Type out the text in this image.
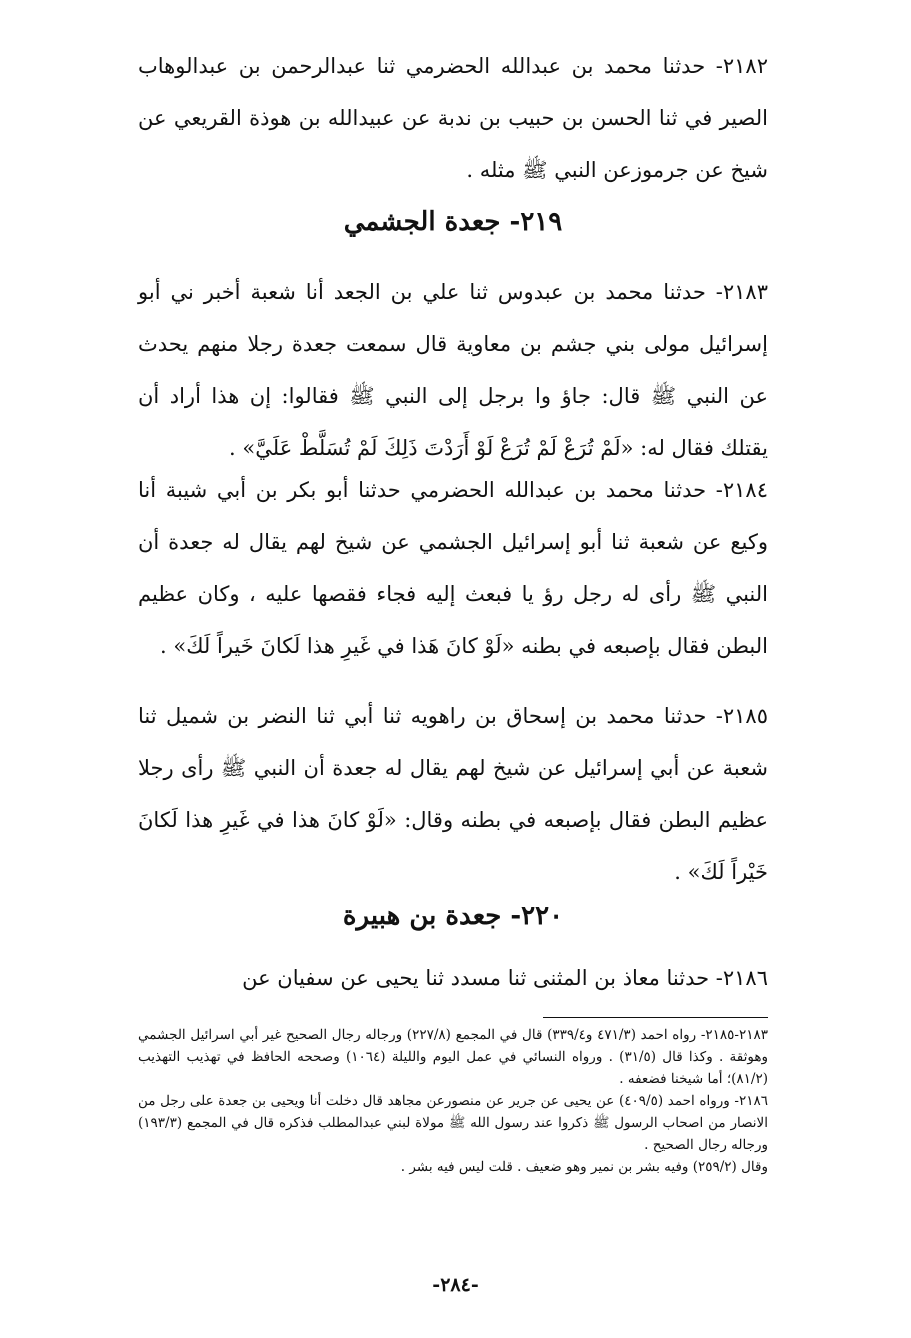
٢١٨٢- حدثنا محمد بن عبدالله الحضرمي ثنا عبدالرحمن بن عبدالوهاب الصير في ثنا الحسن بن حبيب بن ندبة عن عبيدالله بن هوذة القريعي عن شيخ عن جرموزعن النبي ﷺ مثله .

٢١٩- جعدة الجشمي

٢١٨٣- حدثنا محمد بن عبدوس ثنا علي بن الجعد أنا شعبة أخبر ني أبو إسرائيل مولى بني جشم بن معاوية قال سمعت جعدة رجلا منهم يحدث عن النبي ﷺ قال: جاؤ وا برجل إلى النبي ﷺ فقالوا: إن هذا أراد أن يقتلك فقال له: «لَمْ تُرَعْ لَمْ تُرَعْ لَوْ أَرَدْتَ ذَلِكَ لَمْ تُسَلَّطْ عَلَيَّ» .

٢١٨٤- حدثنا محمد بن عبدالله الحضرمي حدثنا أبو بكر بن أبي شيبة أنا وكيع عن شعبة ثنا أبو إسرائيل الجشمي عن شيخ لهم يقال له جعدة أن النبي ﷺ رأى له رجل رؤ يا فبعث إليه فجاء فقصها عليه ، وكان عظيم البطن فقال بإصبعه في بطنه «لَوْ كانَ هَذا في غَيرِ هذا لَكانَ خَيراً لَكَ» .

٢١٨٥- حدثنا محمد بن إسحاق بن راهويه ثنا أبي ثنا النضر بن شميل ثنا شعبة عن أبي إسرائيل عن شيخ لهم يقال له جعدة أن النبي ﷺ رأى رجلا عظيم البطن فقال بإصبعه في بطنه وقال: «لَوْ كانَ هذا في غَيرِ هذا لَكانَ خَيْراً لَكَ» .

٢٢٠- جعدة بن هبيرة

٢١٨٦- حدثنا معاذ بن المثنى ثنا مسدد ثنا يحيى عن سفيان عن

٢١٨٣-٢١٨٥- رواه احمد (٤٧١/٣ و٣٣٩/٤) قال في المجمع (٢٢٧/٨) ورجاله رجال الصحيح غير أبي اسرائيل الجشمي وهوثقة . وكذا قال (٣١/٥) . ورواه النسائي في عمل اليوم والليلة (١٠٦٤) وصححه الحافظ في تهذيب التهذيب (٨١/٢)؛ أما شيخنا فضعفه .

٢١٨٦- ورواه احمد (٤٠٩/٥) عن يحيى عن جرير عن منصورعن مجاهد قال دخلت أنا ويحيى بن جعدة على رجل من الانصار من اصحاب الرسول ﷺ ذكروا عند رسول الله ﷺ مولاة لبني عبدالمطلب فذكره قال في المجمع (١٩٣/٣) ورجاله رجال الصحيح .

وقال (٢٥٩/٢) وفيه بشر بن نمير وهو ضعيف . قلت ليس فيه بشر .

-٢٨٤-
